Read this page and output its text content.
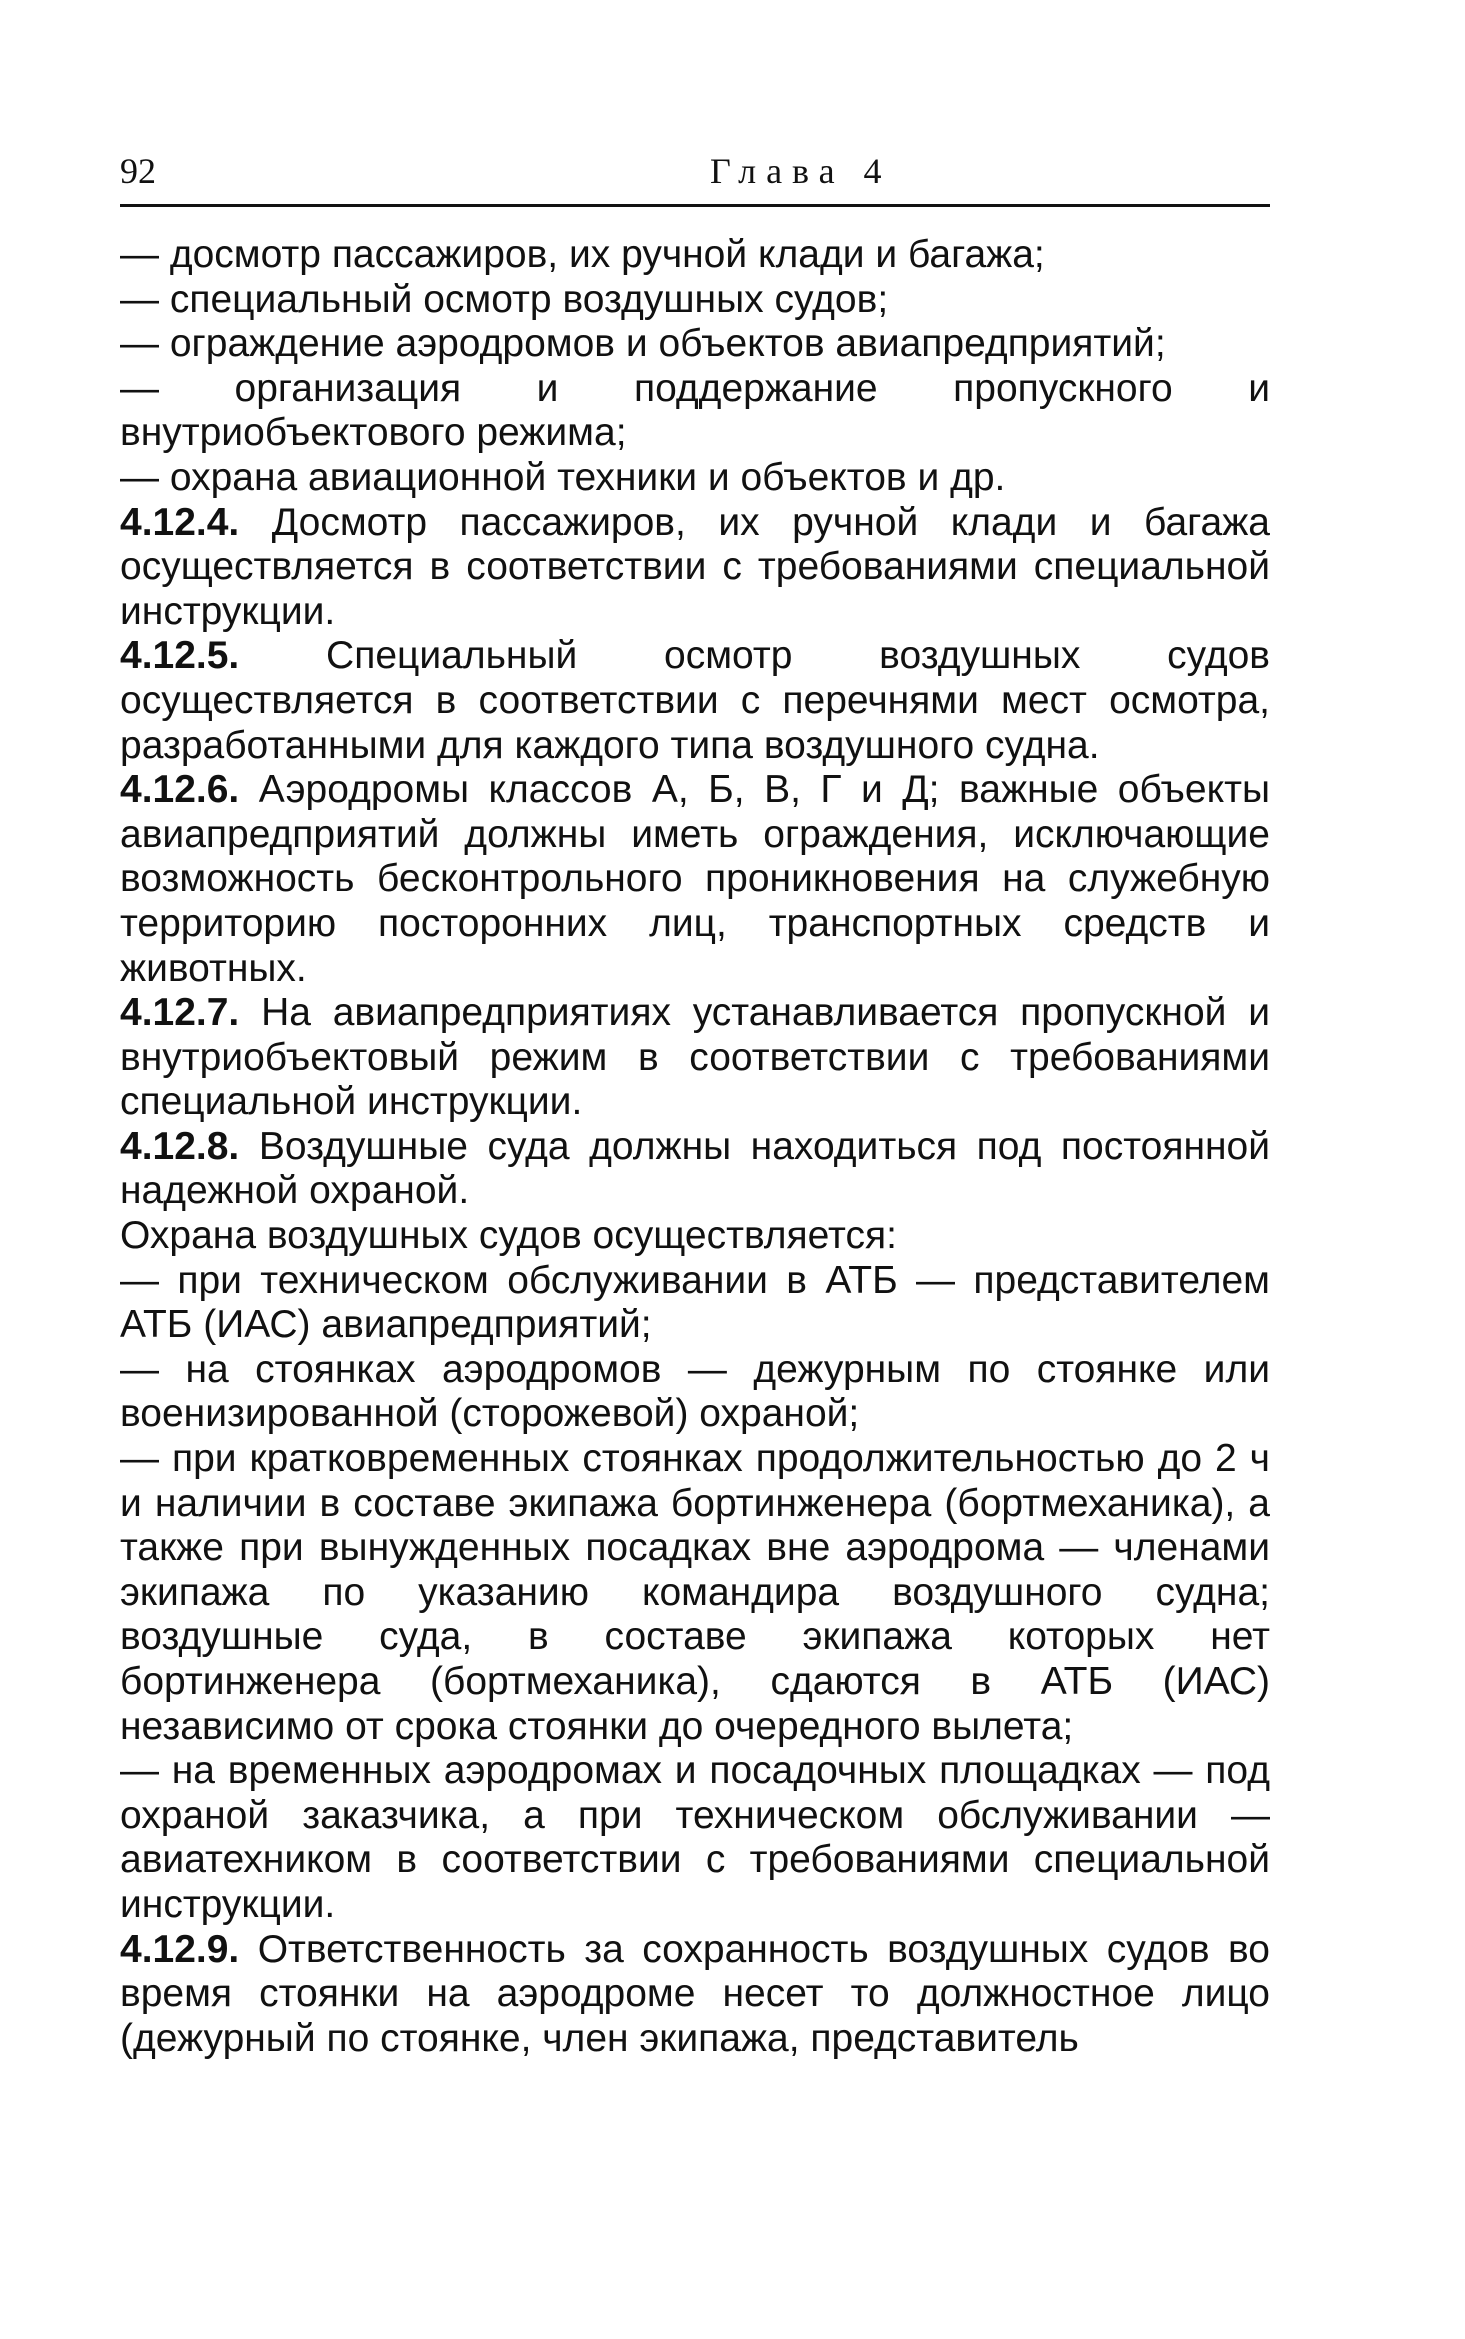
92	Глава 4

— досмотр пассажиров, их ручной клади и багажа;

— специальный осмотр воздушных судов;

— ограждение аэродромов и объектов авиапредприятий;

— организация и поддержание пропускного и внутриобъектового режима;

— охрана авиационной техники и объектов и др.

4.12.4. Досмотр пассажиров, их ручной клади и багажа осуществляется в соответствии с требованиями специальной инструкции.

4.12.5. Специальный осмотр воздушных судов осуществляется в соответствии с перечнями мест осмотра, разработанными для каждого типа воздушного судна.

4.12.6. Аэродромы классов А, Б, В, Г и Д; важные объекты авиапредприятий должны иметь ограждения, исключающие возможность бесконтрольного проникновения на служебную территорию посторонних лиц, транспортных средств и животных.

4.12.7. На авиапредприятиях устанавливается пропускной и внутриобъектовый режим в соответствии с требованиями специальной инструкции.

4.12.8. Воздушные суда должны находиться под постоянной надежной охраной.

Охрана воздушных судов осуществляется:

— при техническом обслуживании в АТБ — представителем АТБ (ИАС) авиапредприятий;

— на стоянках аэродромов — дежурным по стоянке или военизированной (сторожевой) охраной;

— при кратковременных стоянках продолжительностью до 2 ч и наличии в составе экипажа бортинженера (бортмеханика), а также при вынужденных посадках вне аэродрома — членами экипажа по указанию командира воздушного судна; воздушные суда, в составе экипажа которых нет бортинженера (бортмеханика), сдаются в АТБ (ИАС) независимо от срока стоянки до очередного вылета;

— на временных аэродромах и посадочных площадках — под охраной заказчика, а при техническом обслуживании — авиатехником в соответствии с требованиями специальной инструкции.

4.12.9. Ответственность за сохранность воздушных судов во время стоянки на аэродроме несет то должностное лицо (дежурный по стоянке, член экипажа, представитель
